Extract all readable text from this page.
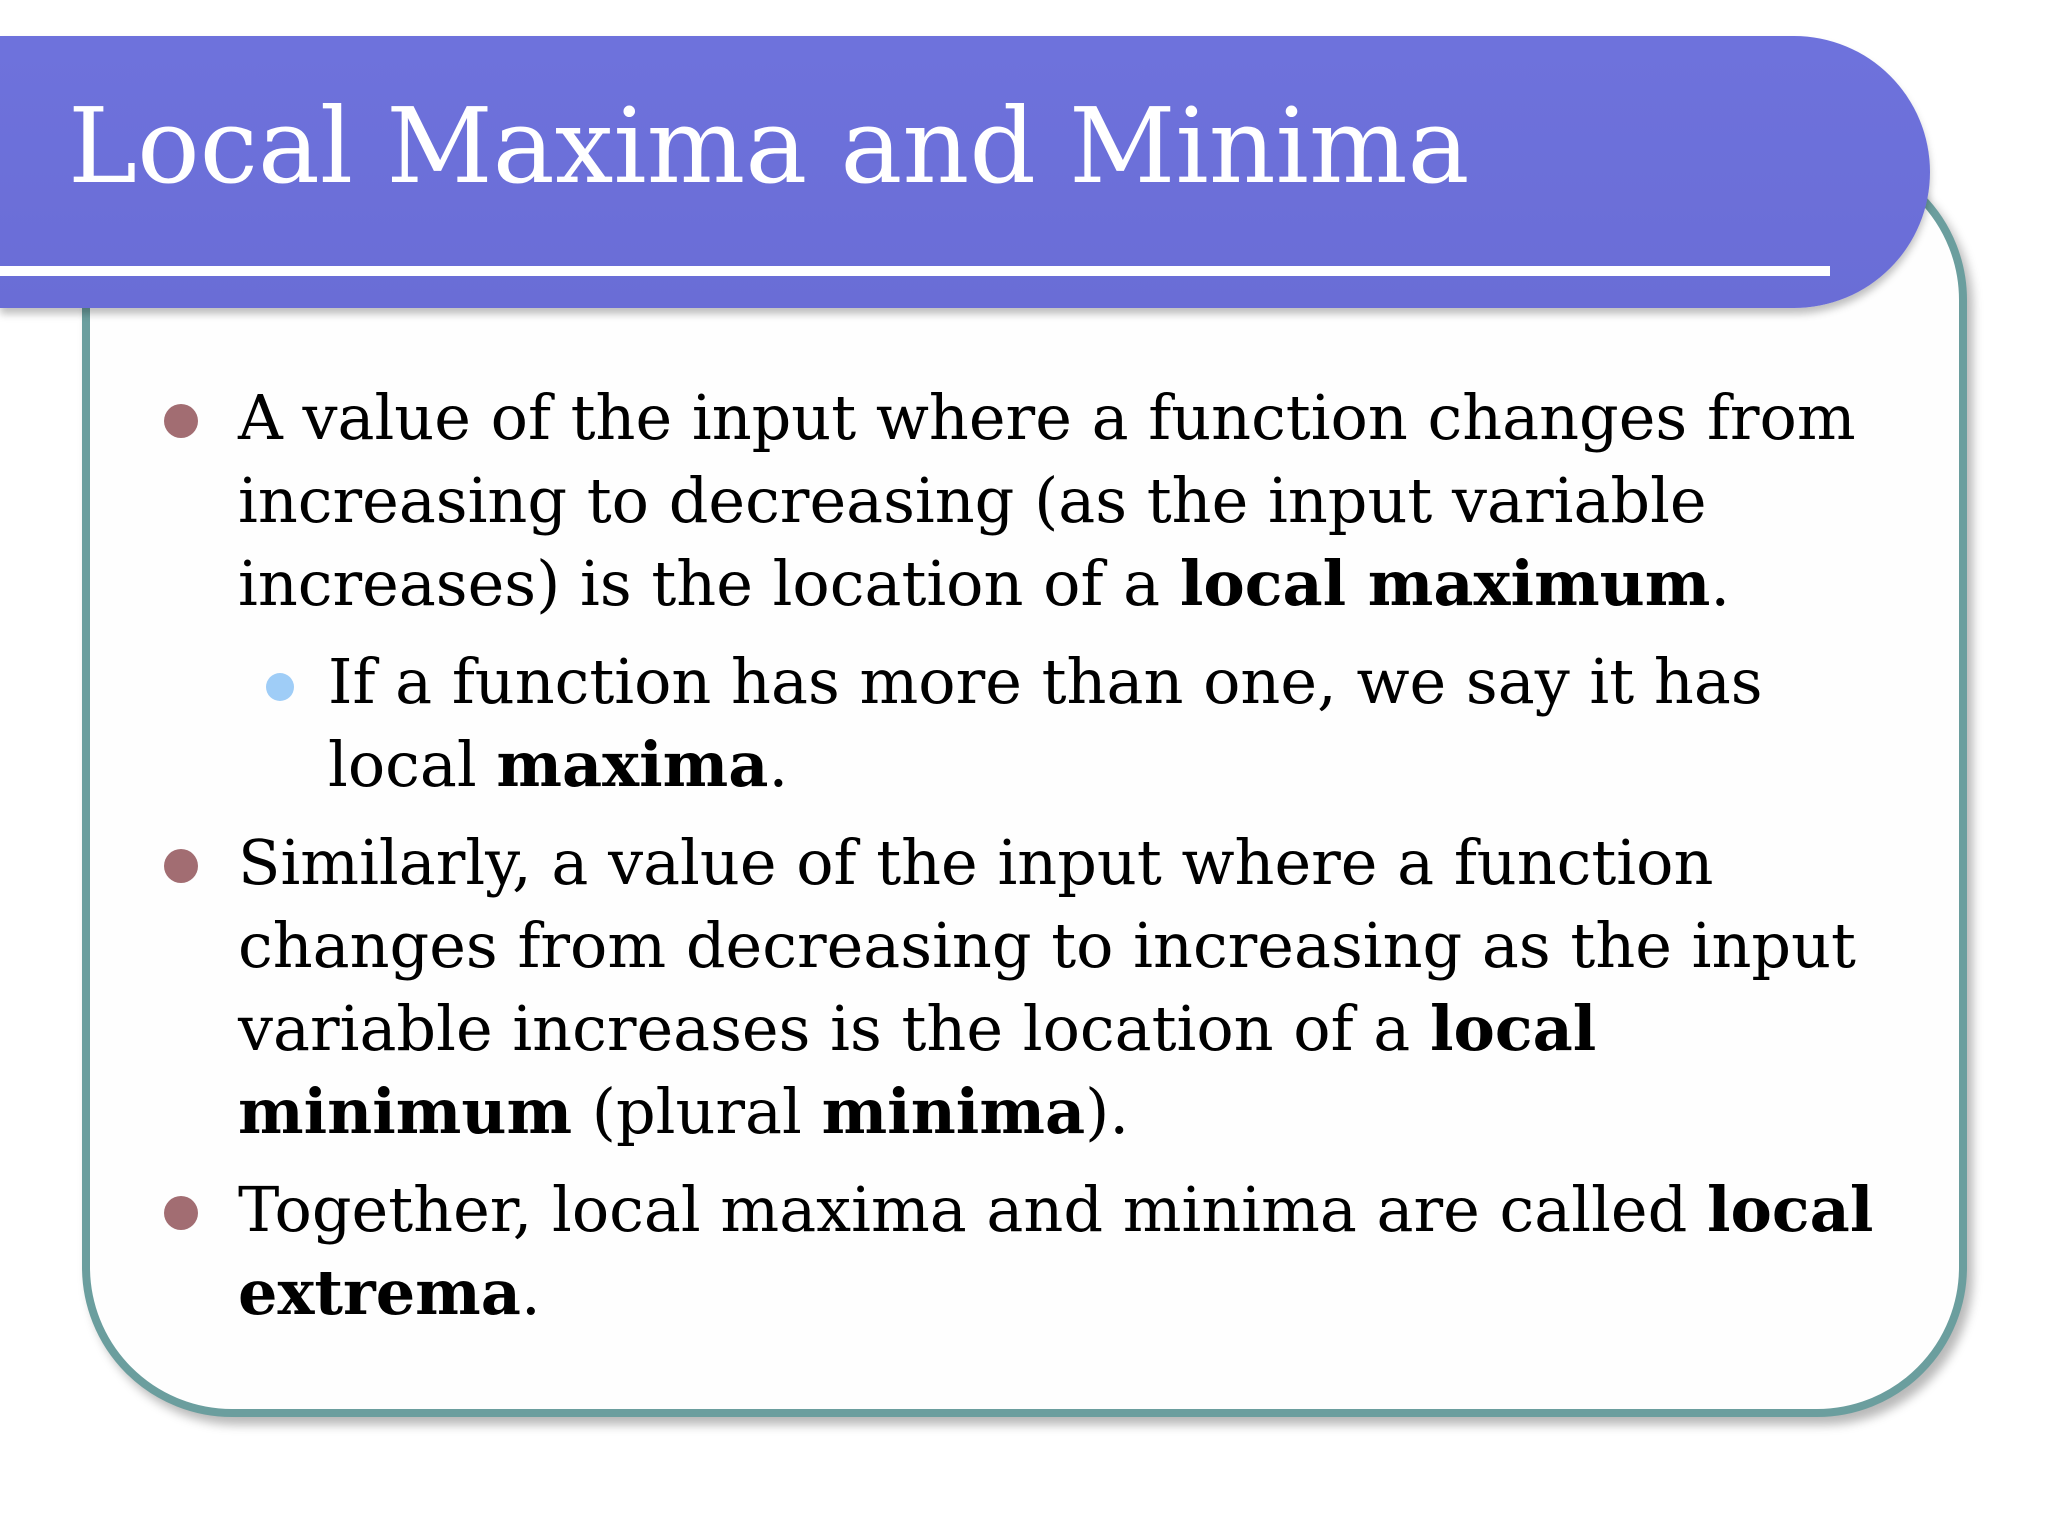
Local Maxima and Minima
A value of the input where a function changes from increasing to decreasing (as the input variable increases) is the location of a local maximum.
If a function has more than one, we say it has local maxima.
Similarly, a value of the input where a function changes from decreasing to increasing as the input variable increases is the location of a local minimum (plural minima).
Together, local maxima and minima are called local extrema.
